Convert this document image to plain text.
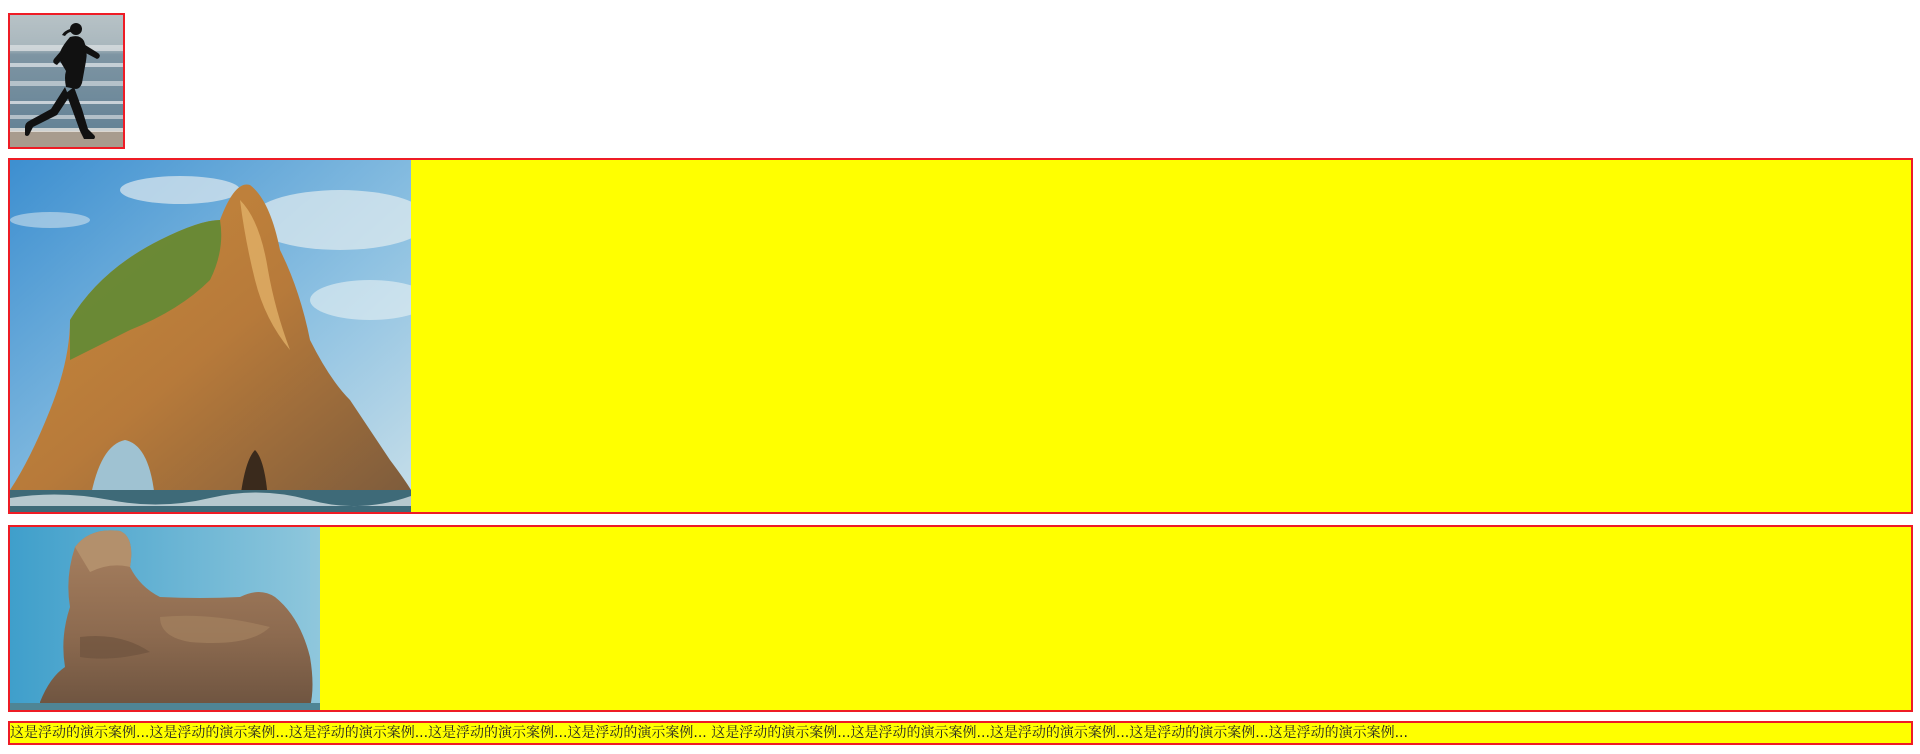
这是浮动的演示案例...这是浮动的演示案例...这是浮动的演示案例...这是浮动的演示案例...这是浮动的演示案例... 这是浮动的演示案例...这是浮动的演示案例...这是浮动的演示案例...这是浮动的演示案例...这是浮动的演示案例...
